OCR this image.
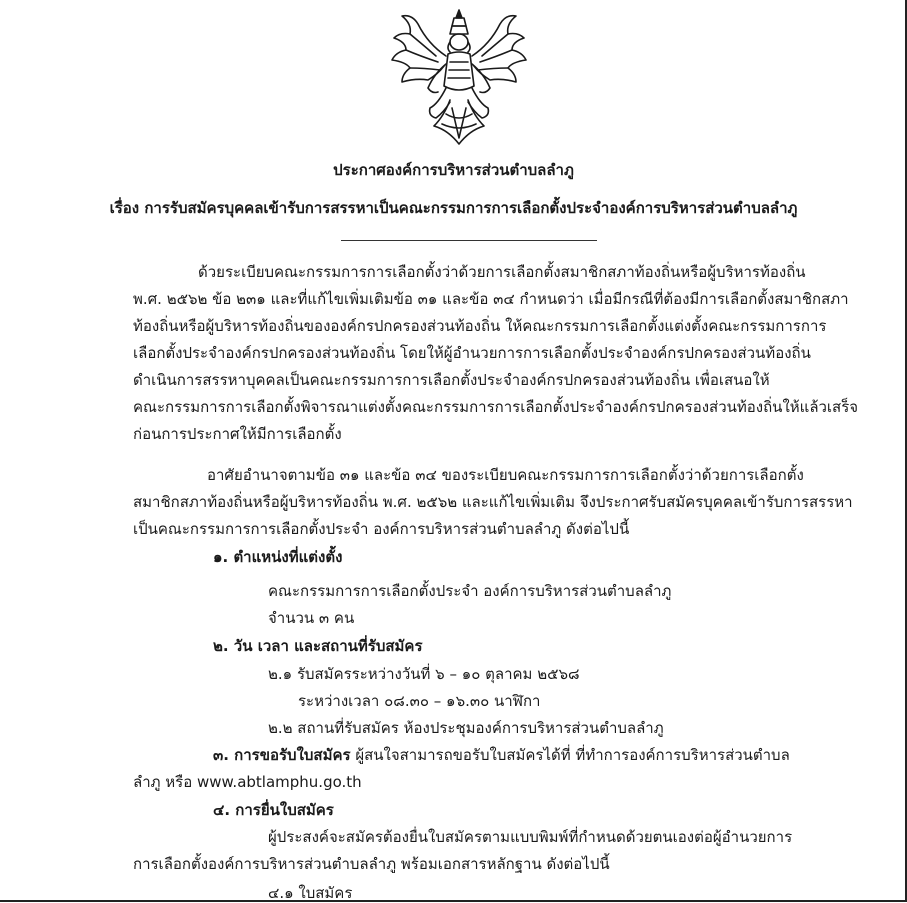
ประกาศองค์การบริหารส่วนตำบลลำภู
เรื่อง การรับสมัครบุคคลเข้ารับการสรรหาเป็นคณะกรรมการการเลือกตั้งประจำองค์การบริหารส่วนตำบลลำภู
ด้วยระเบียบคณะกรรมการการเลือกตั้งว่าด้วยการเลือกตั้งสมาชิกสภาท้องถิ่นหรือผู้บริหารท้องถิ่น
พ.ศ. ๒๕๖๒ ข้อ ๒๓๑ และที่แก้ไขเพิ่มเติมข้อ ๓๑ และข้อ ๓๔ กำหนดว่า เมื่อมีกรณีที่ต้องมีการเลือกตั้งสมาชิกสภา
ท้องถิ่นหรือผู้บริหารท้องถิ่นขององค์กรปกครองส่วนท้องถิ่น ให้คณะกรรมการเลือกตั้งแต่งตั้งคณะกรรมการการ
เลือกตั้งประจำองค์กรปกครองส่วนท้องถิ่น โดยให้ผู้อำนวยการการเลือกตั้งประจำองค์กรปกครองส่วนท้องถิ่น
ดำเนินการสรรหาบุคคลเป็นคณะกรรมการการเลือกตั้งประจำองค์กรปกครองส่วนท้องถิ่น เพื่อเสนอให้
คณะกรรมการการเลือกตั้งพิจารณาแต่งตั้งคณะกรรมการการเลือกตั้งประจำองค์กรปกครองส่วนท้องถิ่นให้แล้วเสร็จ
ก่อนการประกาศให้มีการเลือกตั้ง
อาศัยอำนาจตามข้อ ๓๑ และข้อ ๓๔ ของระเบียบคณะกรรมการการเลือกตั้งว่าด้วยการเลือกตั้ง
สมาชิกสภาท้องถิ่นหรือผู้บริหารท้องถิ่น พ.ศ. ๒๕๖๒ และแก้ไขเพิ่มเติม จึงประกาศรับสมัครบุคคลเข้ารับการสรรหา
เป็นคณะกรรมการการเลือกตั้งประจำ องค์การบริหารส่วนตำบลลำภู ดังต่อไปนี้
๑. ตำแหน่งที่แต่งตั้ง
คณะกรรมการการเลือกตั้งประจำ องค์การบริหารส่วนตำบลลำภู
จำนวน ๓ คน
๒. วัน เวลา และสถานที่รับสมัคร
๒.๑ รับสมัครระหว่างวันที่ ๖ – ๑๐ ตุลาคม ๒๕๖๘
ระหว่างเวลา ๐๘.๓๐ – ๑๖.๓๐ นาฬิกา
๒.๒ สถานที่รับสมัคร ห้องประชุมองค์การบริหารส่วนตำบลลำภู
๓. การขอรับใบสมัคร ผู้สนใจสามารถขอรับใบสมัครได้ที่ ที่ทำการองค์การบริหารส่วนตำบล
ลำภู หรือ www.abtlamphu.go.th
๔. การยื่นใบสมัคร
ผู้ประสงค์จะสมัครต้องยื่นใบสมัครตามแบบพิมพ์ที่กำหนดด้วยตนเองต่อผู้อำนวยการ
การเลือกตั้งองค์การบริหารส่วนตำบลลำภู พร้อมเอกสารหลักฐาน ดังต่อไปนี้
๔.๑ ใบสมัคร
